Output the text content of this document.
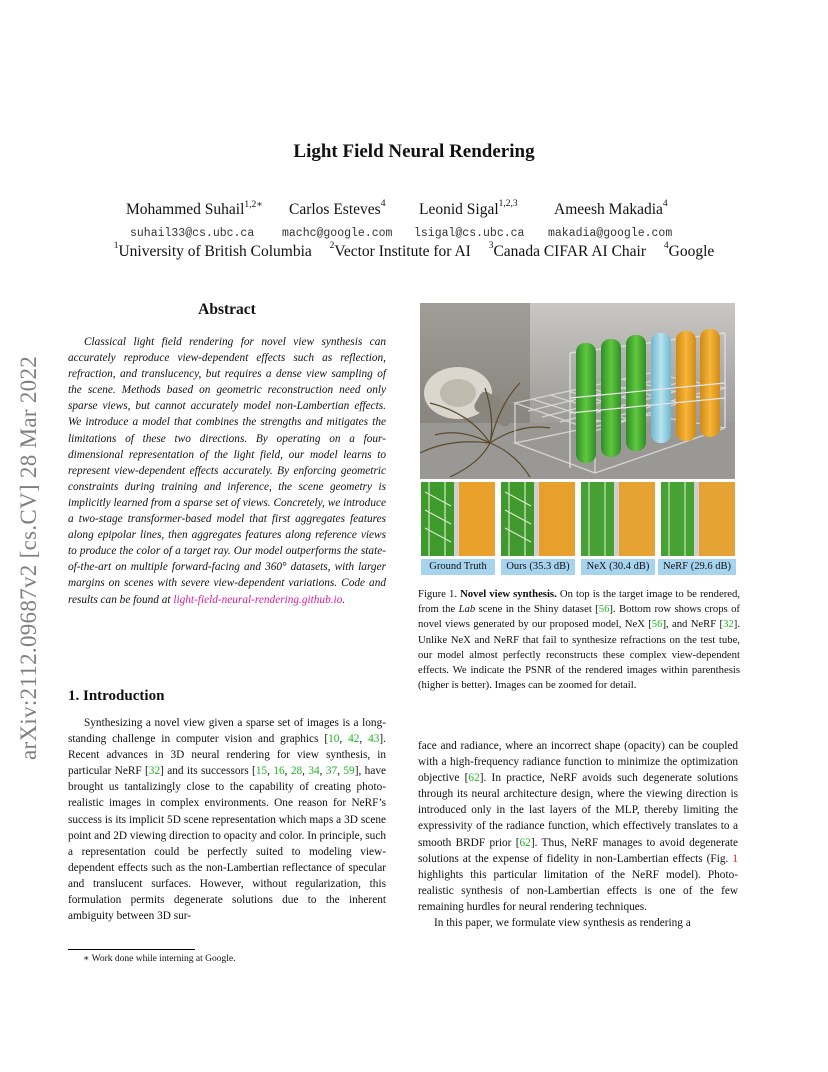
Light Field Neural Rendering
Mohammed Suhail$^{1,2∗}$ Carlos Esteves$^4$ Leonid Sigal$^{1,2,3}$ Ameesh Makadia$^4$
suhail33@cs.ubc.ca machc@google.com lsigal@cs.ubc.ca makadia@google.com
$^1$University of British Columbia $^2$Vector Institute for AI $^3$Canada CIFAR AI Chair $^4$Google
arXiv:2112.09687v2 [cs.CV] 28 Mar 2022
Abstract
Classical light field rendering for novel view synthesis can accurately reproduce view-dependent effects such as reflection, refraction, and translucency, but requires a dense view sampling of the scene. Methods based on geometric reconstruction need only sparse views, but cannot accurately model non-Lambertian effects. We introduce a model that combines the strengths and mitigates the limitations of these two directions. By operating on a four-dimensional representation of the light field, our model learns to represent view-dependent effects accurately. By enforcing geometric constraints during training and inference, the scene geometry is implicitly learned from a sparse set of views. Concretely, we introduce a two-stage transformer-based model that first aggregates features along epipolar lines, then aggregates features along reference views to produce the color of a target ray. Our model outperforms the state-of-the-art on multiple forward-facing and 360° datasets, with larger margins on scenes with severe view-dependent variations. Code and results can be found at light-field-neural-rendering.github.io.
1. Introduction
Synthesizing a novel view given a sparse set of images is a long-standing challenge in computer vision and graphics [10, 42, 43]. Recent advances in 3D neural rendering for view synthesis, in particular NeRF [32] and its successors [15, 16, 28, 34, 37, 59], have brought us tantalizingly close to the capability of creating photo-realistic images in complex environments. One reason for NeRF’s success is its implicit 5D scene representation which maps a 3D scene point and 2D viewing direction to opacity and color. In principle, such a representation could be perfectly suited to modeling view-dependent effects such as the non-Lambertian reflectance of specular and translucent surfaces. However, without regularization, this formulation permits degenerate solutions due to the inherent ambiguity between 3D sur-
∗ Work done while interning at Google.
Ground Truth	Ours (35.3 dB)	NeX (30.4 dB)	NeRF (29.6 dB)
Figure 1. Novel view synthesis. On top is the target image to be rendered, from the Lab scene in the Shiny dataset [56]. Bottom row shows crops of novel views generated by our proposed model, NeX [56], and NeRF [32]. Unlike NeX and NeRF that fail to synthesize refractions on the test tube, our model almost perfectly reconstructs these complex view-dependent effects. We indicate the PSNR of the rendered images within parenthesis (higher is better). Images can be zoomed for detail.
face and radiance, where an incorrect shape (opacity) can be coupled with a high-frequency radiance function to minimize the optimization objective [62]. In practice, NeRF avoids such degenerate solutions through its neural architecture design, where the viewing direction is introduced only in the last layers of the MLP, thereby limiting the expressivity of the radiance function, which effectively translates to a smooth BRDF prior [62]. Thus, NeRF manages to avoid degenerate solutions at the expense of fidelity in non-Lambertian effects (Fig. 1 highlights this particular limitation of the NeRF model). Photo-realistic synthesis of non-Lambertian effects is one of the few remaining hurdles for neural rendering techniques.
In this paper, we formulate view synthesis as rendering a
